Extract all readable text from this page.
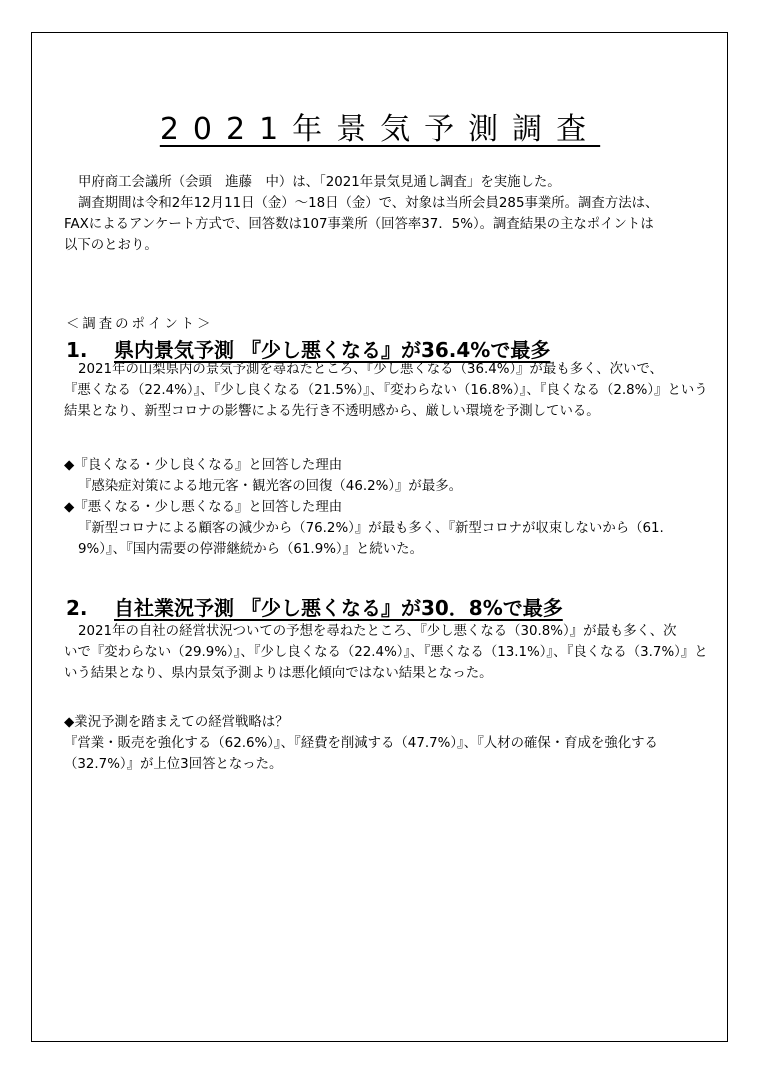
2021年景気予測調査
甲府商工会議所（会頭　進藤　中）は、「2021年景気見通し調査」を実施した。
調査期間は令和2年12月11日（金）～18日（金）で、対象は当所会員285事業所。調査方法は、
FAXによるアンケート方式で、回答数は107事業所（回答率37．5%）。調査結果の主なポイントは
以下のとおり。
＜調査のポイント＞
1. 県内景気予測 『少し悪くなる』が36.4%で最多
2021年の山梨県内の景気予測を尋ねたところ、『少し悪くなる（36.4%）』が最も多く、次いで、
『悪くなる（22.4%）』、『少し良くなる（21.5%）』、『変わらない（16.8%）』、『良くなる（2.8%）』という
結果となり、新型コロナの影響による先行き不透明感から、厳しい環境を予測している。
◆『良くなる・少し良くなる』と回答した理由
『感染症対策による地元客・観光客の回復（46.2%）』が最多。
◆『悪くなる・少し悪くなる』と回答した理由
『新型コロナによる顧客の減少から（76.2%）』が最も多く、『新型コロナが収束しないから（61.
9%）』、『国内需要の停滞継続から（61.9%）』と続いた。
2. 自社業況予測 『少し悪くなる』が30．8%で最多
2021年の自社の経営状況ついての予想を尋ねたところ、『少し悪くなる（30.8%）』が最も多く、次
いで『変わらない（29.9%）』、『少し良くなる（22.4%）』、『悪くなる（13.1%）』、『良くなる（3.7%）』と
いう結果となり、県内景気予測よりは悪化傾向ではない結果となった。
◆業況予測を踏まえての経営戦略は？
『営業・販売を強化する（62.6%）』、『経費を削減する（47.7%）』、『人材の確保・育成を強化する
（32.7%）』が上位3回答となった。
